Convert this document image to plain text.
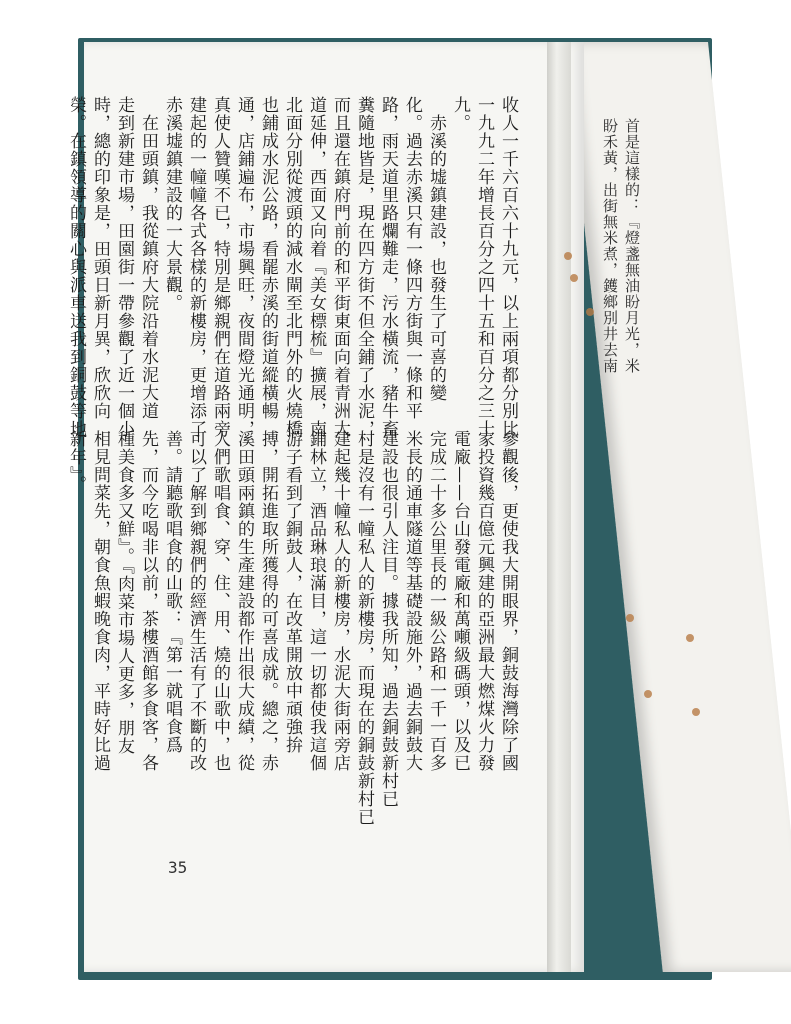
首是這樣的：『燈盞無油盼月光，米
盼禾黃，出街無米煮，鑊鄉別井去南
收人一千六百六十九元，以上兩項都分別比
一九九二年增長百分之四十五和百分之三十
九。
　赤溪的墟鎮建設，也發生了可喜的變
化。過去赤溪只有一條四方街與一條和平
路，雨天道里路爛難走，污水橫流，豬牛畜
糞隨地皆是，現在四方街不但全鋪了水泥，
而且還在鎮府門前的和平街東面向着青洲大
道延伸，西面又向着『美女標梳』擴展，南
北面分別從渡頭的減水閘至北門外的火燒橋
也鋪成水泥公路，看罷赤溪的街道縱橫暢
通，店鋪遍布，市場興旺，夜間燈光通明，
真使人贊嘆不已，特別是鄉親們在道路兩旁
建起的一幢幢各式各樣的新樓房，更增添了
赤溪墟鎮建設的一大景觀。
　在田頭鎮，我從鎮府大院沿着水泥大道
走到新建市場，田園街一帶參觀了近一個小
時，總的印象是，田頭日新月異，欣欣向
榮。在鎮領導的關心與派車送我到銅鼓等地
參觀後，更使我大開眼界，銅鼓海灣除了國
家投資幾百億元興建的亞洲最大燃煤火力發
電廠——台山發電廠和萬噸級碼頭，以及已
完成二十多公里長的一級公路和一千一百多
米長的通車隧道等基礎設施外，過去銅鼓大
建設也很引人注目。據我所知，過去銅鼓新村已
村是沒有一幢私人的新樓房，而現在的銅鼓新村已
建起幾十幢私人的新樓房，水泥大街兩旁店
鋪林立，酒品琳琅滿目，這一切都使我這個
游子看到了銅鼓人，在改革開放中頑強拚
搏，開拓進取所獲得的可喜成就。總之，赤
溪田頭兩鎮的生產建設都作出很大成績，從
人們歌唱食、穿、住、用、燒的山歌中，也
可以了解到鄉親們的經濟生活有了不斷的改
善。請聽歌唱食的山歌：『第一就唱食爲
先，而今吃喝非以前，茶樓酒館多食客，各
種美食多又鮮』。『肉菜市場人更多，朋友
相見問菜先，朝食魚蝦晚食肉，平時好比過
新年』。
35
